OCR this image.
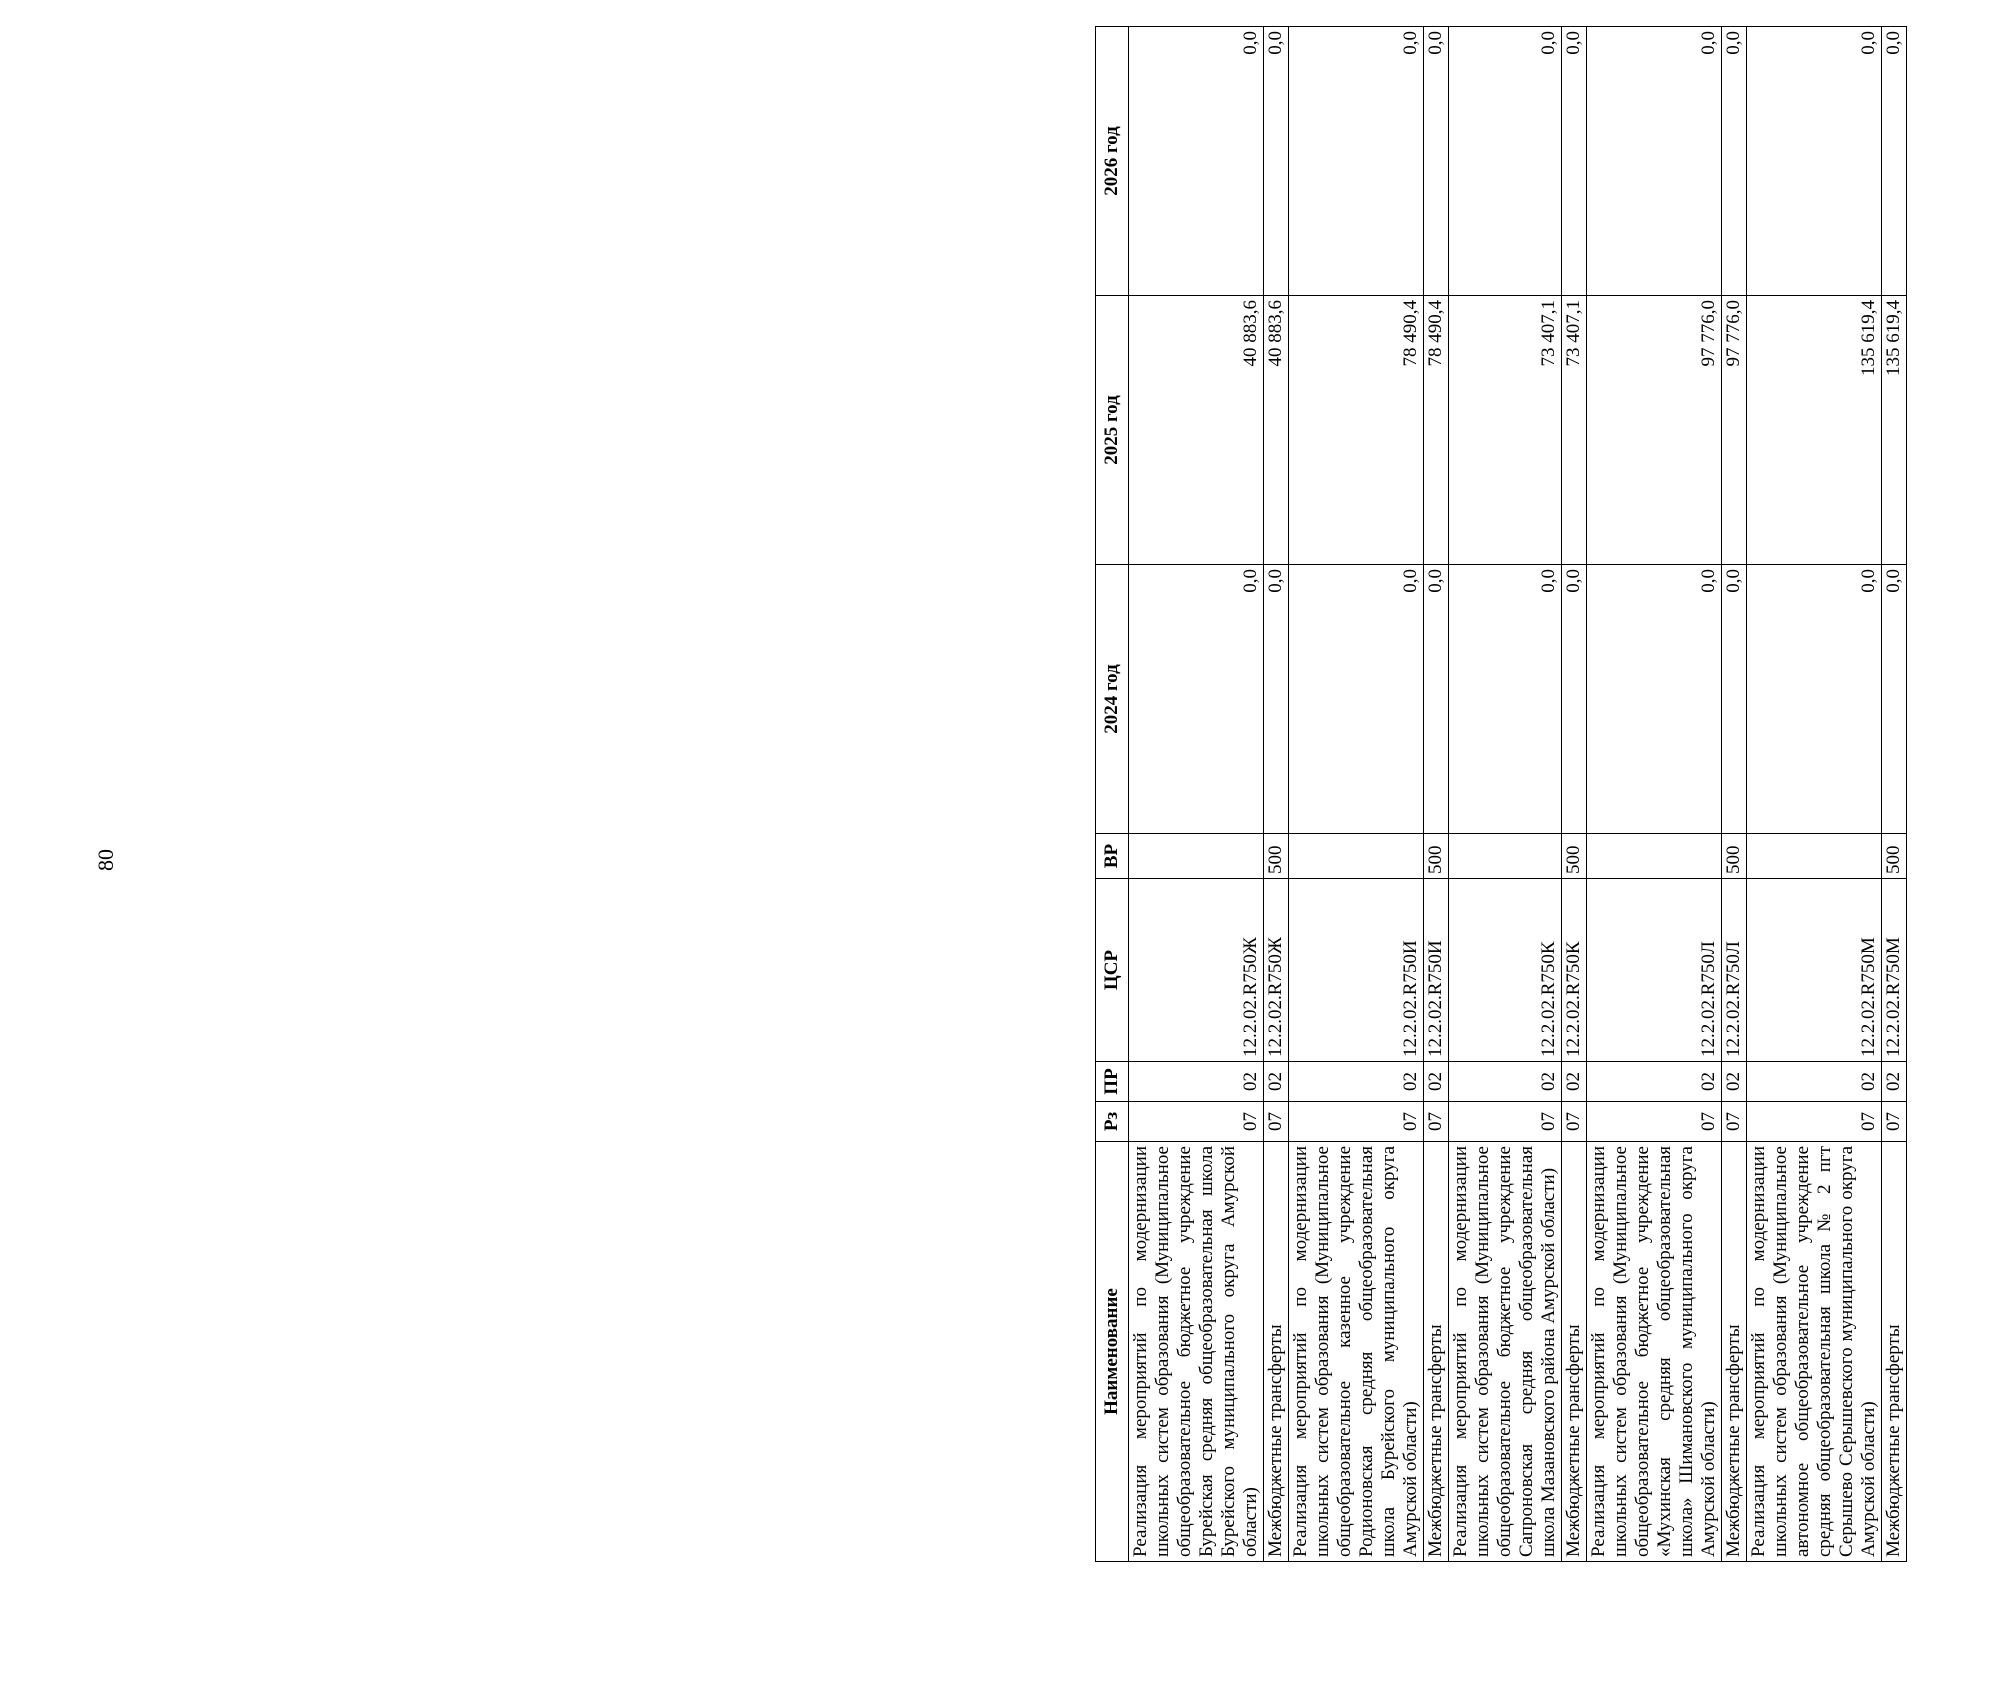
80
Наименование	Рз	ПР	ЦСР	ВР	2024 год	2025 год	2026 год
Реализация мероприятий по модернизации школьных систем образования (Муниципальное общеобразовательное бюджетное учреждение Бурейская средняя общеобразовательная школа Бурейского муниципального округа Амурской области)	07	02	12.2.02.R750Ж		0,0	40 883,6	0,0
Межбюджетные трансферты	07	02	12.2.02.R750Ж	500	0,0	40 883,6	0,0
Реализация мероприятий по модернизации школьных систем образования (Муниципальное общеобразовательное казенное учреждение Родионовская средняя общеобразовательная школа Бурейского муниципального округа Амурской области)	07	02	12.2.02.R750И		0,0	78 490,4	0,0
Межбюджетные трансферты	07	02	12.2.02.R750И	500	0,0	78 490,4	0,0
Реализация мероприятий по модернизации школьных систем образования (Муниципальное общеобразовательное бюджетное учреждение Сапроновская средняя общеобразовательная школа Мазановского района Амурской области)	07	02	12.2.02.R750К		0,0	73 407,1	0,0
Межбюджетные трансферты	07	02	12.2.02.R750К	500	0,0	73 407,1	0,0
Реализация мероприятий по модернизации школьных систем образования (Муниципальное общеобразовательное бюджетное учреждение «Мухинская средняя общеобразовательная школа» Шимановского муниципального округа Амурской области)	07	02	12.2.02.R750Л		0,0	97 776,0	0,0
Межбюджетные трансферты	07	02	12.2.02.R750Л	500	0,0	97 776,0	0,0
Реализация мероприятий по модернизации школьных систем образования (Муниципальное автономное общеобразовательное учреждение средняя общеобразовательная школа № 2 пгт Серышево Серышевского муниципального округа Амурской области)	07	02	12.2.02.R750М		0,0	135 619,4	0,0
Межбюджетные трансферты	07	02	12.2.02.R750М	500	0,0	135 619,4	0,0
